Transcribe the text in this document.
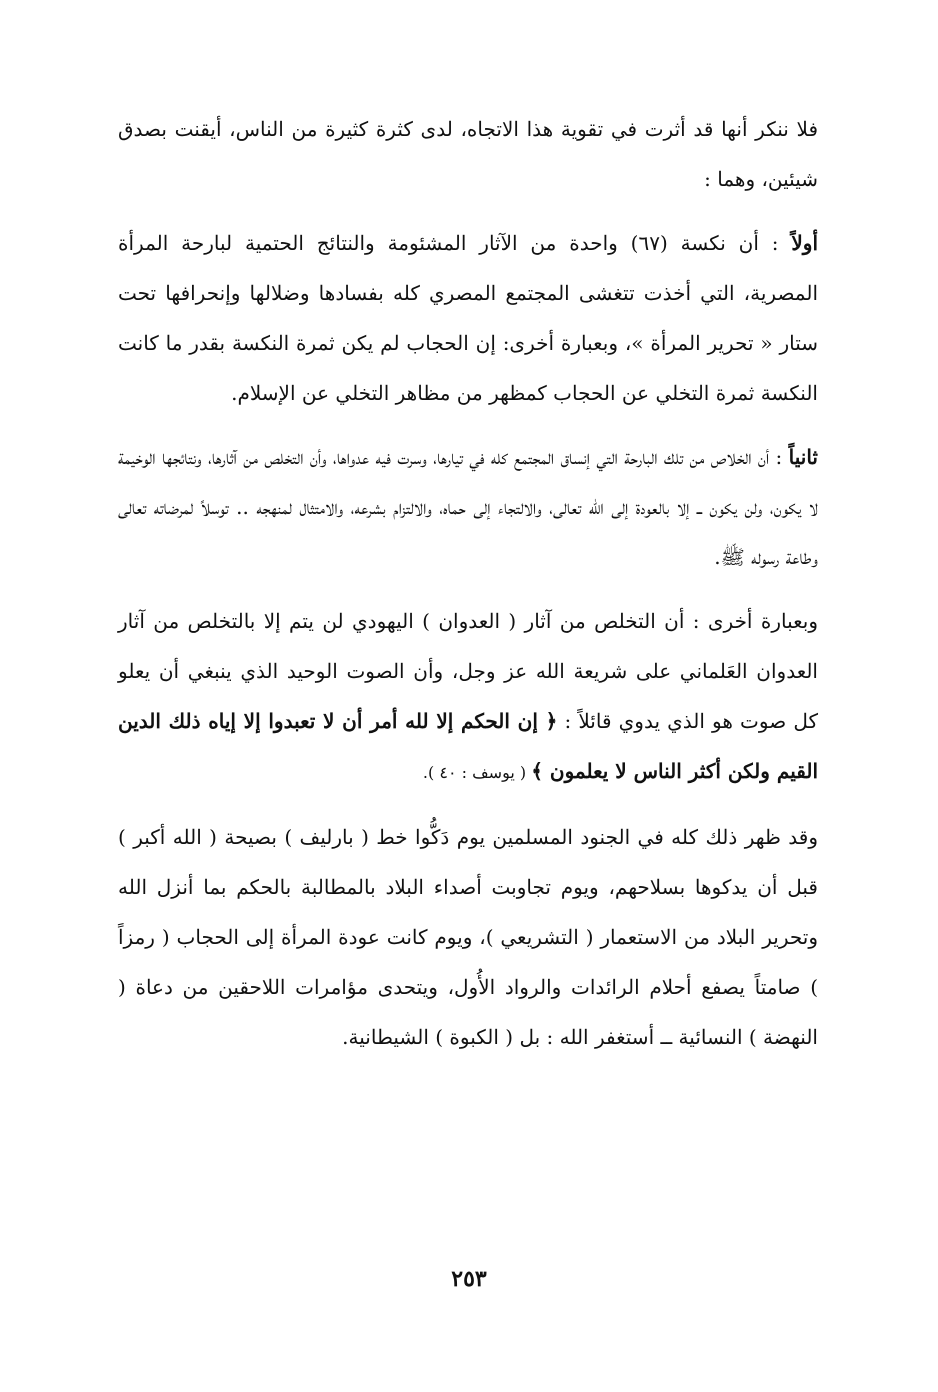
فلا ننكر أنها قد أثرت في تقوية هذا الاتجاه، لدى كثرة كثيرة من الناس، أيقنت بصدق شيئين، وهما :

أولاً : أن نكسة (٦٧) واحدة من الآثار المشئومة والنتائج الحتمية لبارحة المرأة المصرية، التي أخذت تتغشى المجتمع المصري كله بفسادها وضلالها وإنحرافها تحت ستار « تحرير المرأة »، وبعبارة أخرى: إن الحجاب لم يكن ثمرة النكسة بقدر ما كانت النكسة ثمرة التخلي عن الحجاب كمظهر من مظاهر التخلي عن الإسلام.

ثانياً : أن الخلاص من تلك البارحة التي إنساق المجتمع كله في تيارها، وسرت فيه عدواها، وأن التخلص من آثارها، ونتائجها الوخيمة لا يكون، ولن يكون ــ إلا بالعودة إلى الله تعالى، والالتجاء إلى حماه، والالتزام بشرعه، والامتثال لمنهجه .. توسلاً لمرضاته تعالى وطاعة رسوله ﷺ.

وبعبارة أخرى : أن التخلص من آثار ( العدوان ) اليهودي لن يتم إلا بالتخلص من آثار العدوان العَلماني على شريعة الله عز وجل، وأن الصوت الوحيد الذي ينبغي أن يعلو كل صوت هو الذي يدوي قائلاً : ﴿ إن الحكم إلا لله أمر أن لا تعبدوا إلا إياه ذلك الدين القيم ولكن أكثر الناس لا يعلمون ﴾ ( يوسف : ٤٠ ).

وقد ظهر ذلك كله في الجنود المسلمين يوم دَكُّوا خط ( بارليف ) بصيحة ( الله أكبر ) قبل أن يدكوها بسلاحهم، ويوم تجاوبت أصداء البلاد بالمطالبة بالحكم بما أنزل الله وتحرير البلاد من الاستعمار ( التشريعي )، ويوم كانت عودة المرأة إلى الحجاب ( رمزاً ) صامتاً يصفع أحلام الرائدات والرواد الأُول، ويتحدى مؤامرات اللاحقين من دعاة ( النهضة ) النسائية ــ أستغفر الله : بل ( الكبوة ) الشيطانية.

٢٥٣
